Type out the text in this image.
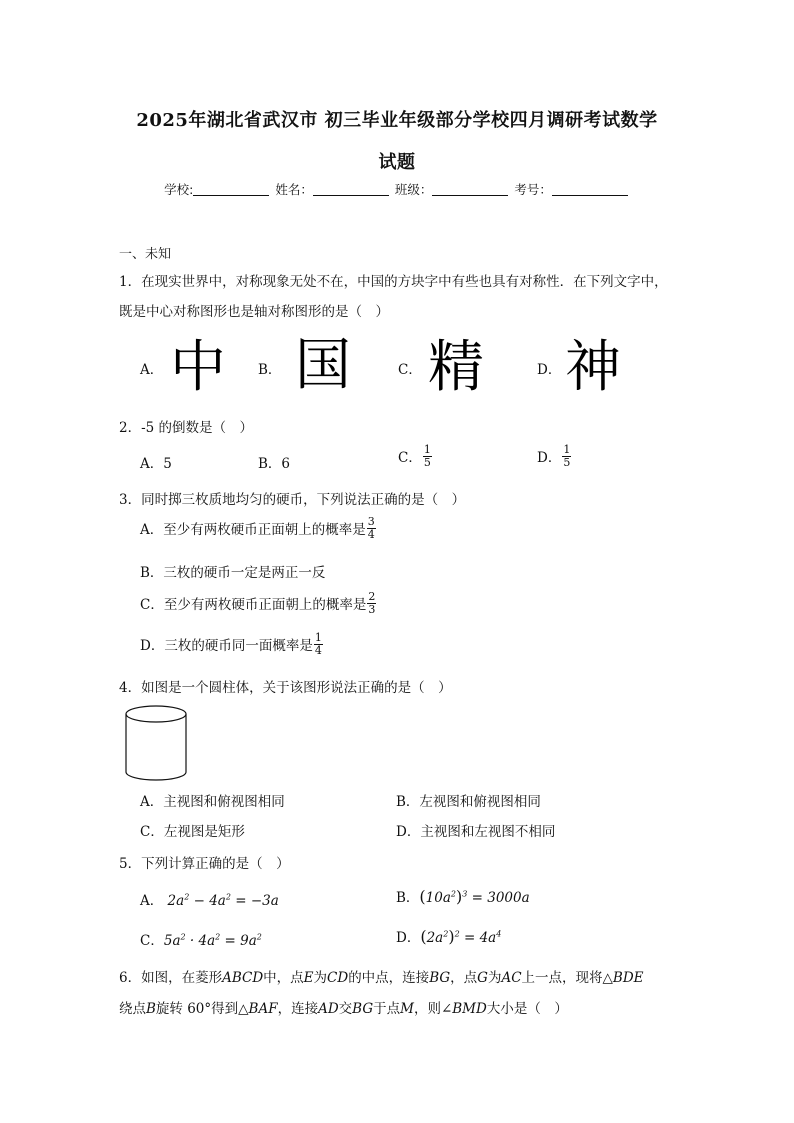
2025年湖北省武汉市 初三毕业年级部分学校四月调研考试数学
试题
学校:	姓名：	班级：	考号：
一、未知
1．在现实世界中，对称现象无处不在，中国的方块字中有些也具有对称性．在下列文字中，
既是中心对称图形也是轴对称图形的是（　）
A． 中 B． 国	C． 精	D． 神
2．-5 的倒数是（　）
A．5	B．6	C． $\frac{1}{5}$	D． $\frac{1}{5}$
3．同时掷三枚质地均匀的硬币，下列说法正确的是（　）
A．至少有两枚硬币正面朝上的概率是 $\frac{3}{4}$
B．三枚的硬币一定是两正一反
C．至少有两枚硬币正面朝上的概率是 $\frac{2}{3}$
D．三枚的硬币同一面概率是 $\frac{1}{4}$
4．如图是一个圆柱体，关于该图形说法正确的是（　）
A．主视图和俯视图相同	B．左视图和俯视图相同
C．左视图是矩形	D．主视图和左视图不相同
5．下列计算正确的是（　）
A． $2a^2 - 4a^2 = -3a$	B．$(10a^2)^3 = 3000a$
C．$5a^2 \cdot 4a^2 = 9a^2$	D．$(2a^2)^2 = 4a^4$
6．如图，在菱形ABCD中，点E为CD的中点，连接BG，点G为AC上一点，现将△BDE
绕点B旋转 60°得到△BAF，连接AD交BG于点M，则∠BMD大小是（　）
